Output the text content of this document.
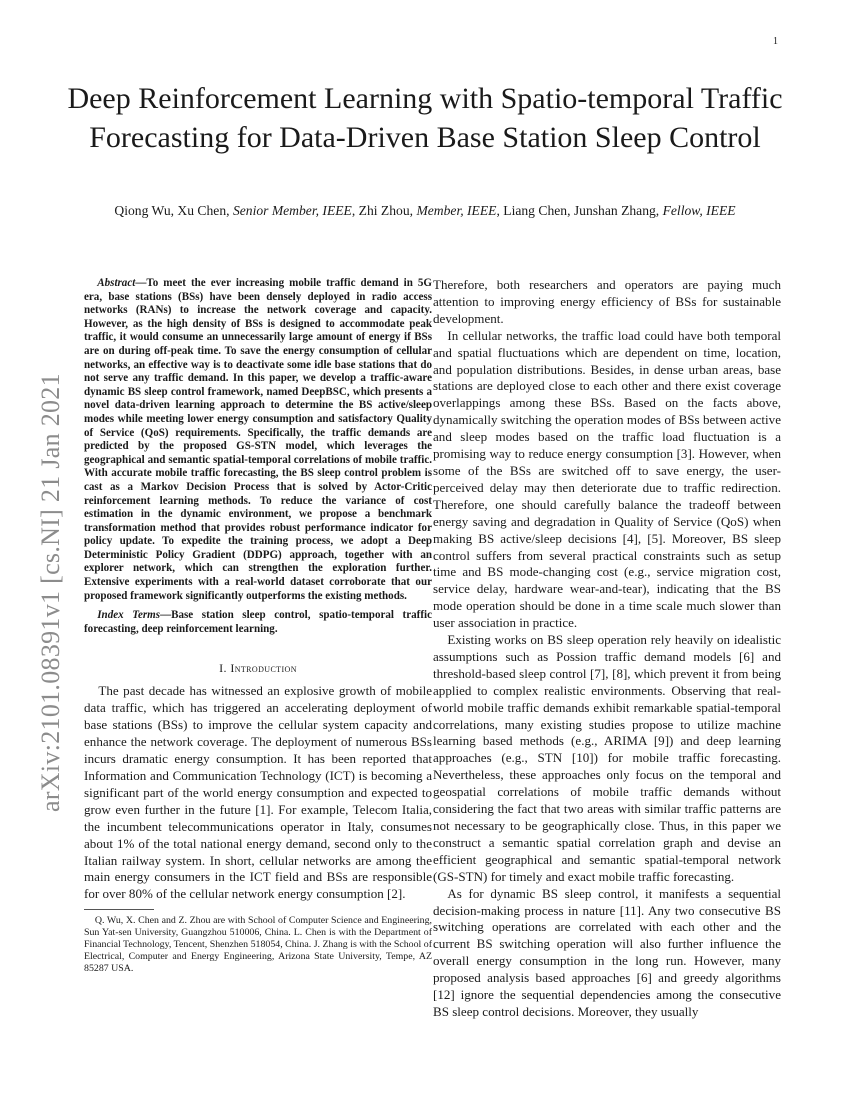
1
arXiv:2101.08391v1 [cs.NI] 21 Jan 2021
Deep Reinforcement Learning with Spatio-temporal Traffic Forecasting for Data-Driven Base Station Sleep Control
Qiong Wu, Xu Chen, Senior Member, IEEE, Zhi Zhou, Member, IEEE, Liang Chen, Junshan Zhang, Fellow, IEEE

Abstract—To meet the ever increasing mobile traffic demand in 5G era, base stations (BSs) have been densely deployed in radio access networks (RANs) to increase the network coverage and capacity. However, as the high density of BSs is designed to accommodate peak traffic, it would consume an unnecessarily large amount of energy if BSs are on during off-peak time. To save the energy consumption of cellular networks, an effective way is to deactivate some idle base stations that do not serve any traffic demand. In this paper, we develop a traffic-aware dynamic BS sleep control framework, named DeepBSC, which presents a novel data-driven learning approach to determine the BS active/sleep modes while meeting lower energy consumption and satisfactory Quality of Service (QoS) requirements. Specifically, the traffic demands are predicted by the proposed GS-STN model, which leverages the geographical and semantic spatial-temporal correlations of mobile traffic. With accurate mobile traffic forecasting, the BS sleep control problem is cast as a Markov Decision Process that is solved by Actor-Critic reinforcement learning methods. To reduce the variance of cost estimation in the dynamic environment, we propose a benchmark transformation method that provides robust performance indicator for policy update. To expedite the training process, we adopt a Deep Deterministic Policy Gradient (DDPG) approach, together with an explorer network, which can strengthen the exploration further. Extensive experiments with a real-world dataset corroborate that our proposed framework significantly outperforms the existing methods.

Index Terms—Base station sleep control, spatio-temporal traffic forecasting, deep reinforcement learning.

I. Introduction

The past decade has witnessed an explosive growth of mobile data traffic, which has triggered an accelerating deployment of base stations (BSs) to improve the cellular system capacity and enhance the network coverage. The deployment of numerous BSs incurs dramatic energy consumption. It has been reported that Information and Communication Technology (ICT) is becoming a significant part of the world energy consumption and expected to grow even further in the future [1]. For example, Telecom Italia, the incumbent telecommunications operator in Italy, consumes about 1% of the total national energy demand, second only to the Italian railway system. In short, cellular networks are among the main energy consumers in the ICT field and BSs are responsible for over 80% of the cellular network energy consumption [2].

Q. Wu, X. Chen and Z. Zhou are with School of Computer Science and Engineering, Sun Yat-sen University, Guangzhou 510006, China. L. Chen is with the Department of Financial Technology, Tencent, Shenzhen 518054, China. J. Zhang is with the School of Electrical, Computer and Energy Engineering, Arizona State University, Tempe, AZ 85287 USA.

Therefore, both researchers and operators are paying much attention to improving energy efficiency of BSs for sustainable development.

In cellular networks, the traffic load could have both temporal and spatial fluctuations which are dependent on time, location, and population distributions. Besides, in dense urban areas, base stations are deployed close to each other and there exist coverage overlappings among these BSs. Based on the facts above, dynamically switching the operation modes of BSs between active and sleep modes based on the traffic load fluctuation is a promising way to reduce energy consumption [3]. However, when some of the BSs are switched off to save energy, the user-perceived delay may then deteriorate due to traffic redirection. Therefore, one should carefully balance the tradeoff between energy saving and degradation in Quality of Service (QoS) when making BS active/sleep decisions [4], [5]. Moreover, BS sleep control suffers from several practical constraints such as setup time and BS mode-changing cost (e.g., service migration cost, service delay, hardware wear-and-tear), indicating that the BS mode operation should be done in a time scale much slower than user association in practice.

Existing works on BS sleep operation rely heavily on idealistic assumptions such as Possion traffic demand models [6] and threshold-based sleep control [7], [8], which prevent it from being applied to complex realistic environments. Observing that real-world mobile traffic demands exhibit remarkable spatial-temporal correlations, many existing studies propose to utilize machine learning based methods (e.g., ARIMA [9]) and deep learning approaches (e.g., STN [10]) for mobile traffic forecasting. Nevertheless, these approaches only focus on the temporal and geospatial correlations of mobile traffic demands without considering the fact that two areas with similar traffic patterns are not necessary to be geographically close. Thus, in this paper we construct a semantic spatial correlation graph and devise an efficient geographical and semantic spatial-temporal network (GS-STN) for timely and exact mobile traffic forecasting.

As for dynamic BS sleep control, it manifests a sequential decision-making process in nature [11]. Any two consecutive BS switching operations are correlated with each other and the current BS switching operation will also further influence the overall energy consumption in the long run. However, many proposed analysis based approaches [6] and greedy algorithms [12] ignore the sequential dependencies among the consecutive BS sleep control decisions. Moreover, they usually
